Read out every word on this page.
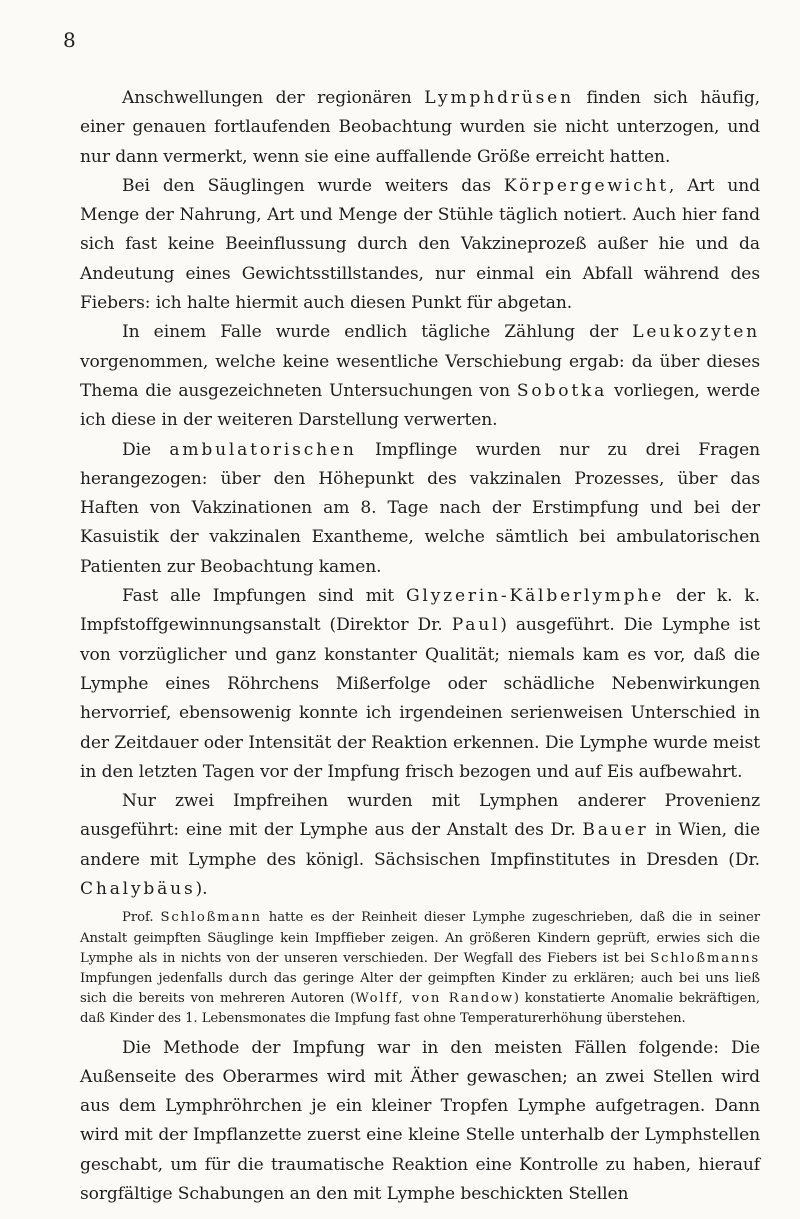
8

Anschwellungen der regionären Lymphdrüsen finden sich häufig, einer genauen fortlaufenden Beobachtung wurden sie nicht unterzogen, und nur dann vermerkt, wenn sie eine auffallende Größe erreicht hatten.

Bei den Säuglingen wurde weiters das Körpergewicht, Art und Menge der Nahrung, Art und Menge der Stühle täglich notiert. Auch hier fand sich fast keine Beeinflussung durch den Vakzineprozeß außer hie und da Andeutung eines Gewichtsstillstandes, nur einmal ein Abfall während des Fiebers: ich halte hiermit auch diesen Punkt für abgetan.

In einem Falle wurde endlich tägliche Zählung der Leukozyten vorgenommen, welche keine wesentliche Verschiebung ergab: da über dieses Thema die ausgezeichneten Untersuchungen von Sobotka vorliegen, werde ich diese in der weiteren Darstellung verwerten.

Die ambulatorischen Impflinge wurden nur zu drei Fragen herangezogen: über den Höhepunkt des vakzinalen Prozesses, über das Haften von Vakzinationen am 8. Tage nach der Erstimpfung und bei der Kasuistik der vakzinalen Exantheme, welche sämtlich bei ambulatorischen Patienten zur Beobachtung kamen.

Fast alle Impfungen sind mit Glyzerin-Kälberlymphe der k. k. Impfstoffgewinnungsanstalt (Direktor Dr. Paul) ausgeführt. Die Lymphe ist von vorzüglicher und ganz konstanter Qualität; niemals kam es vor, daß die Lymphe eines Röhrchens Mißerfolge oder schädliche Nebenwirkungen hervorrief, ebensowenig konnte ich irgendeinen serienweisen Unterschied in der Zeitdauer oder Intensität der Reaktion erkennen. Die Lymphe wurde meist in den letzten Tagen vor der Impfung frisch bezogen und auf Eis aufbewahrt.

Nur zwei Impfreihen wurden mit Lymphen anderer Provenienz ausgeführt: eine mit der Lymphe aus der Anstalt des Dr. Bauer in Wien, die andere mit Lymphe des königl. Sächsischen Impfinstitutes in Dresden (Dr. Chalybäus).

Prof. Schloßmann hatte es der Reinheit dieser Lymphe zugeschrieben, daß die in seiner Anstalt geimpften Säuglinge kein Impffieber zeigen. An größeren Kindern geprüft, erwies sich die Lymphe als in nichts von der unseren verschieden. Der Wegfall des Fiebers ist bei Schloßmanns Impfungen jedenfalls durch das geringe Alter der geimpften Kinder zu erklären; auch bei uns ließ sich die bereits von mehreren Autoren (Wolff, von Randow) konstatierte Anomalie bekräftigen, daß Kinder des 1. Lebensmonates die Impfung fast ohne Temperaturerhöhung überstehen.

Die Methode der Impfung war in den meisten Fällen folgende: Die Außenseite des Oberarmes wird mit Äther gewaschen; an zwei Stellen wird aus dem Lymphröhrchen je ein kleiner Tropfen Lymphe aufgetragen. Dann wird mit der Impflanzette zuerst eine kleine Stelle unterhalb der Lymphstellen geschabt, um für die traumatische Reaktion eine Kontrolle zu haben, hierauf sorgfältige Schabungen an den mit Lymphe beschickten Stellen
